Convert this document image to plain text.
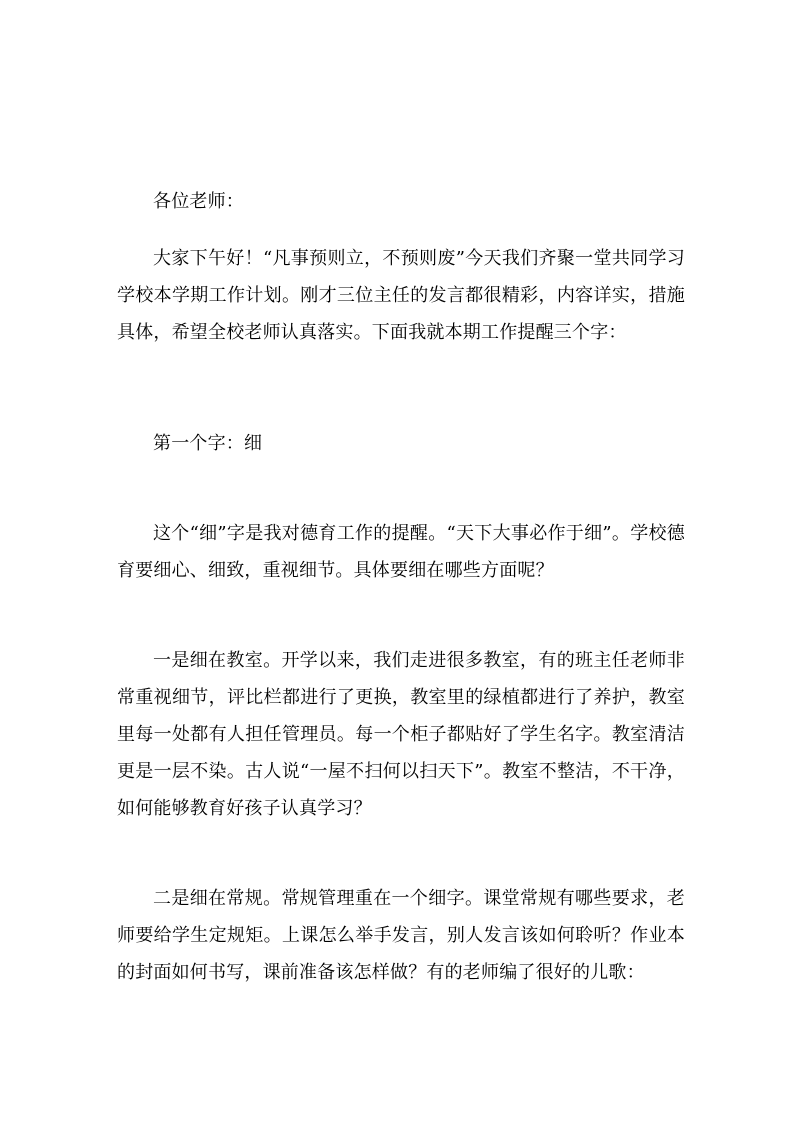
各位老师：

大家下午好！“凡事预则立，不预则废”今天我们齐聚一堂共同学习学校本学期工作计划。刚才三位主任的发言都很精彩，内容详实，措施具体，希望全校老师认真落实。下面我就本期工作提醒三个字：

第一个字：细

这个“细”字是我对德育工作的提醒。“天下大事必作于细”。学校德育要细心、细致，重视细节。具体要细在哪些方面呢？

一是细在教室。开学以来，我们走进很多教室，有的班主任老师非常重视细节，评比栏都进行了更换，教室里的绿植都进行了养护，教室里每一处都有人担任管理员。每一个柜子都贴好了学生名字。教室清洁更是一层不染。古人说“一屋不扫何以扫天下”。教室不整洁，不干净，如何能够教育好孩子认真学习？

二是细在常规。常规管理重在一个细字。课堂常规有哪些要求，老师要给学生定规矩。上课怎么举手发言，别人发言该如何聆听？作业本的封面如何书写，课前准备该怎样做？有的老师编了很好的儿歌：
